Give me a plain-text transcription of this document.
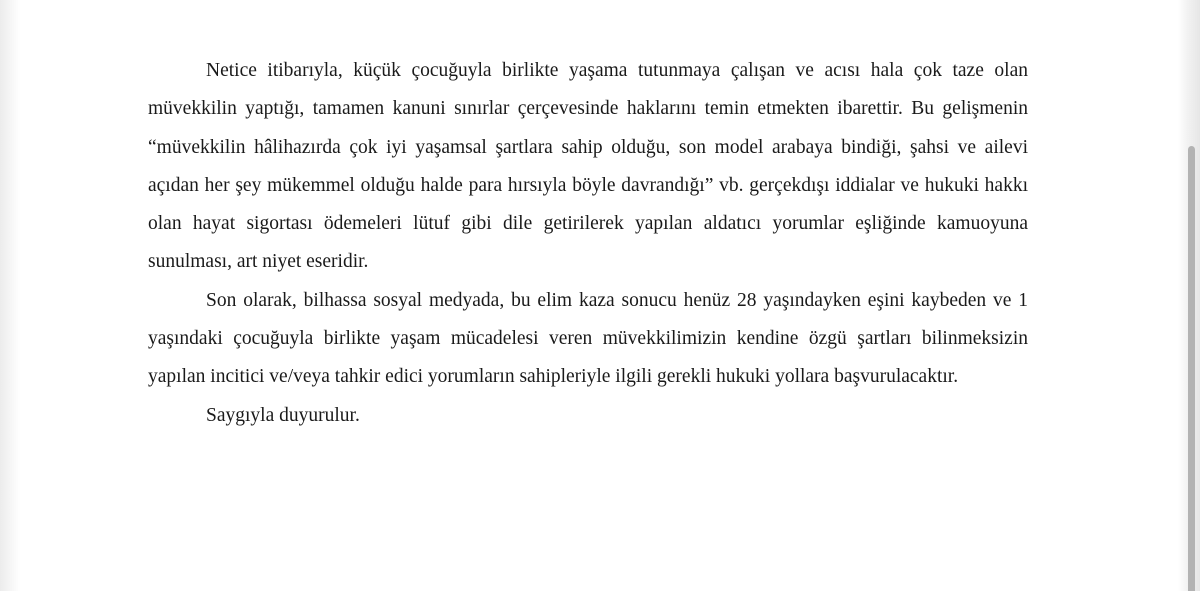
Netice itibarıyla, küçük çocuğuyla birlikte yaşama tutunmaya çalışan ve acısı hala çok taze olan müvekkilin yaptığı, tamamen kanuni sınırlar çerçevesinde haklarını temin etmekten ibarettir. Bu gelişmenin “müvekkilin hâlihazırda çok iyi yaşamsal şartlara sahip olduğu, son model arabaya bindiği, şahsi ve ailevi açıdan her şey mükemmel olduğu halde para hırsıyla böyle davrandığı” vb. gerçekdışı iddialar ve hukuki hakkı olan hayat sigortası ödemeleri lütuf gibi dile getirilerek yapılan aldatıcı yorumlar eşliğinde kamuoyuna sunulması, art niyet eseridir.

Son olarak, bilhassa sosyal medyada, bu elim kaza sonucu henüz 28 yaşındayken eşini kaybeden ve 1 yaşındaki çocuğuyla birlikte yaşam mücadelesi veren müvekkilimizin kendine özgü şartları bilinmeksizin yapılan incitici ve/veya tahkir edici yorumların sahipleriyle ilgili gerekli hukuki yollara başvurulacaktır.

Saygıyla duyurulur.
